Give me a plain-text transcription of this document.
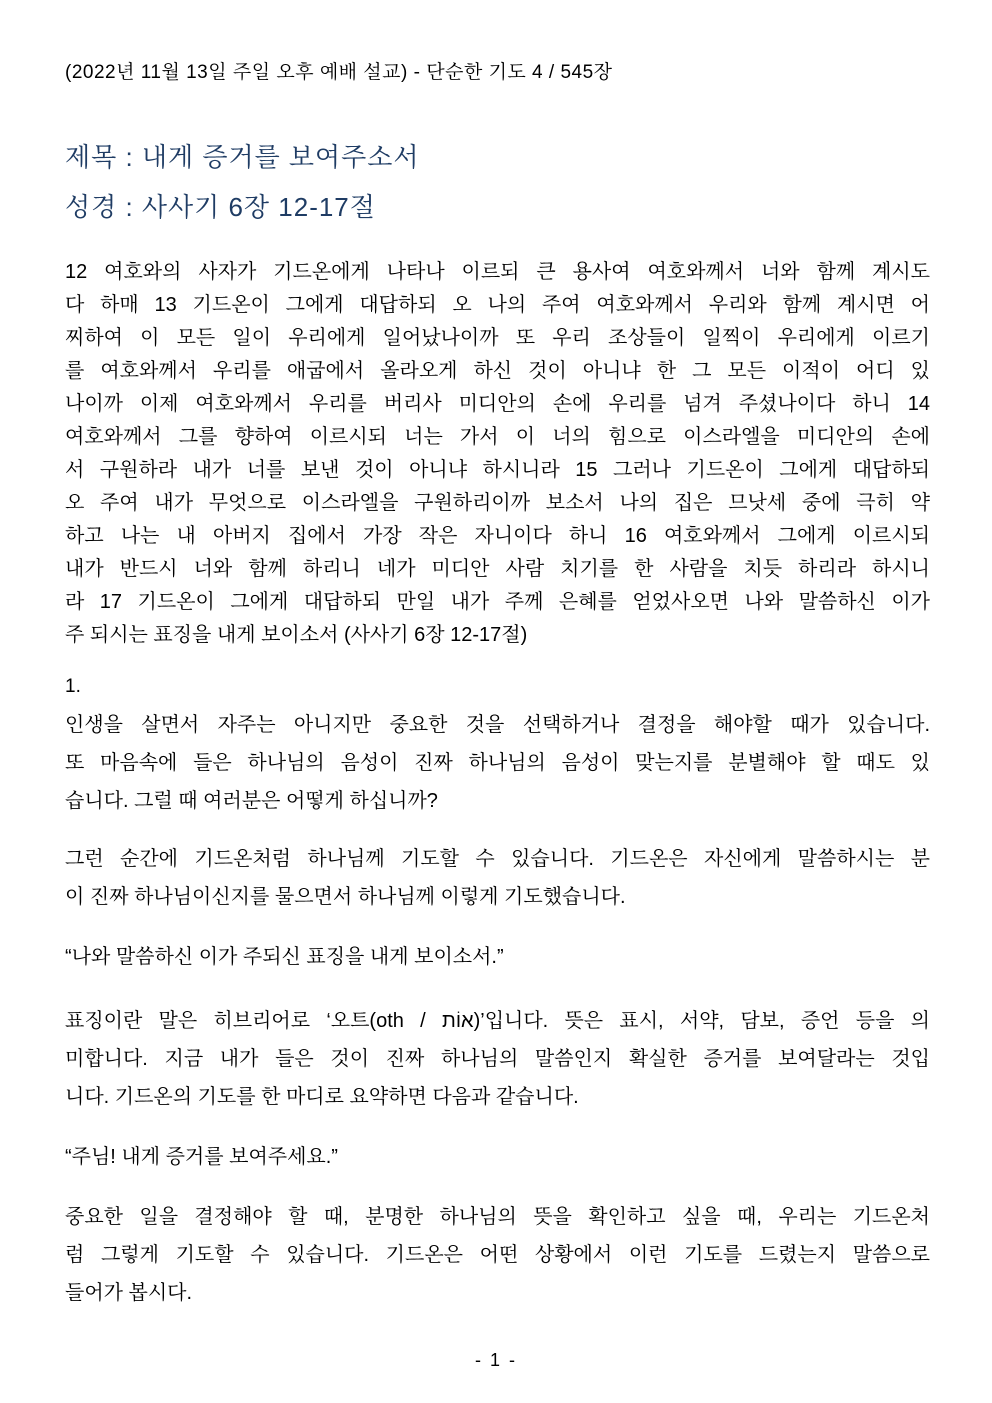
(2022년 11월 13일 주일 오후 예배 설교) - 단순한 기도 4 / 545장
제목 : 내게 증거를 보여주소서
성경 : 사사기 6장 12-17절
12 여호와의 사자가 기드온에게 나타나 이르되 큰 용사여 여호와께서 너와 함께 계시도
다 하매 13 기드온이 그에게 대답하되 오 나의 주여 여호와께서 우리와 함께 계시면 어
찌하여 이 모든 일이 우리에게 일어났나이까 또 우리 조상들이 일찍이 우리에게 이르기
를 여호와께서 우리를 애굽에서 올라오게 하신 것이 아니냐 한 그 모든 이적이 어디 있
나이까 이제 여호와께서 우리를 버리사 미디안의 손에 우리를 넘겨 주셨나이다 하니 14
여호와께서 그를 향하여 이르시되 너는 가서 이 너의 힘으로 이스라엘을 미디안의 손에
서 구원하라 내가 너를 보낸 것이 아니냐 하시니라 15 그러나 기드온이 그에게 대답하되
오 주여 내가 무엇으로 이스라엘을 구원하리이까 보소서 나의 집은 므낫세 중에 극히 약
하고 나는 내 아버지 집에서 가장 작은 자니이다 하니 16 여호와께서 그에게 이르시되
내가 반드시 너와 함께 하리니 네가 미디안 사람 치기를 한 사람을 치듯 하리라 하시니
라 17 기드온이 그에게 대답하되 만일 내가 주께 은혜를 얻었사오면 나와 말씀하신 이가
주 되시는 표징을 내게 보이소서 (사사기 6장 12-17절)
1.
인생을 살면서 자주는 아니지만 중요한 것을 선택하거나 결정을 해야할 때가 있습니다.
또 마음속에 들은 하나님의 음성이 진짜 하나님의 음성이 맞는지를 분별해야 할 때도 있
습니다. 그럴 때 여러분은 어떻게 하십니까?
그런 순간에 기드온처럼 하나님께 기도할 수 있습니다. 기드온은 자신에게 말씀하시는 분
이 진짜 하나님이신지를 물으면서 하나님께 이렇게 기도했습니다.
“나와 말씀하신 이가 주되신 표징을 내게 보이소서.”
표징이란 말은 히브리어로 ‘오트(oth / אוֹת)’입니다. 뜻은 표시, 서약, 담보, 증언 등을 의
미합니다. 지금 내가 들은 것이 진짜 하나님의 말씀인지 확실한 증거를 보여달라는 것입
니다. 기드온의 기도를 한 마디로 요약하면 다음과 같습니다.
“주님! 내게 증거를 보여주세요.”
중요한 일을 결정해야 할 때, 분명한 하나님의 뜻을 확인하고 싶을 때, 우리는 기드온처
럼 그렇게 기도할 수 있습니다. 기드온은 어떤 상황에서 이런 기도를 드렸는지 말씀으로
들어가 봅시다.
- 1 -
